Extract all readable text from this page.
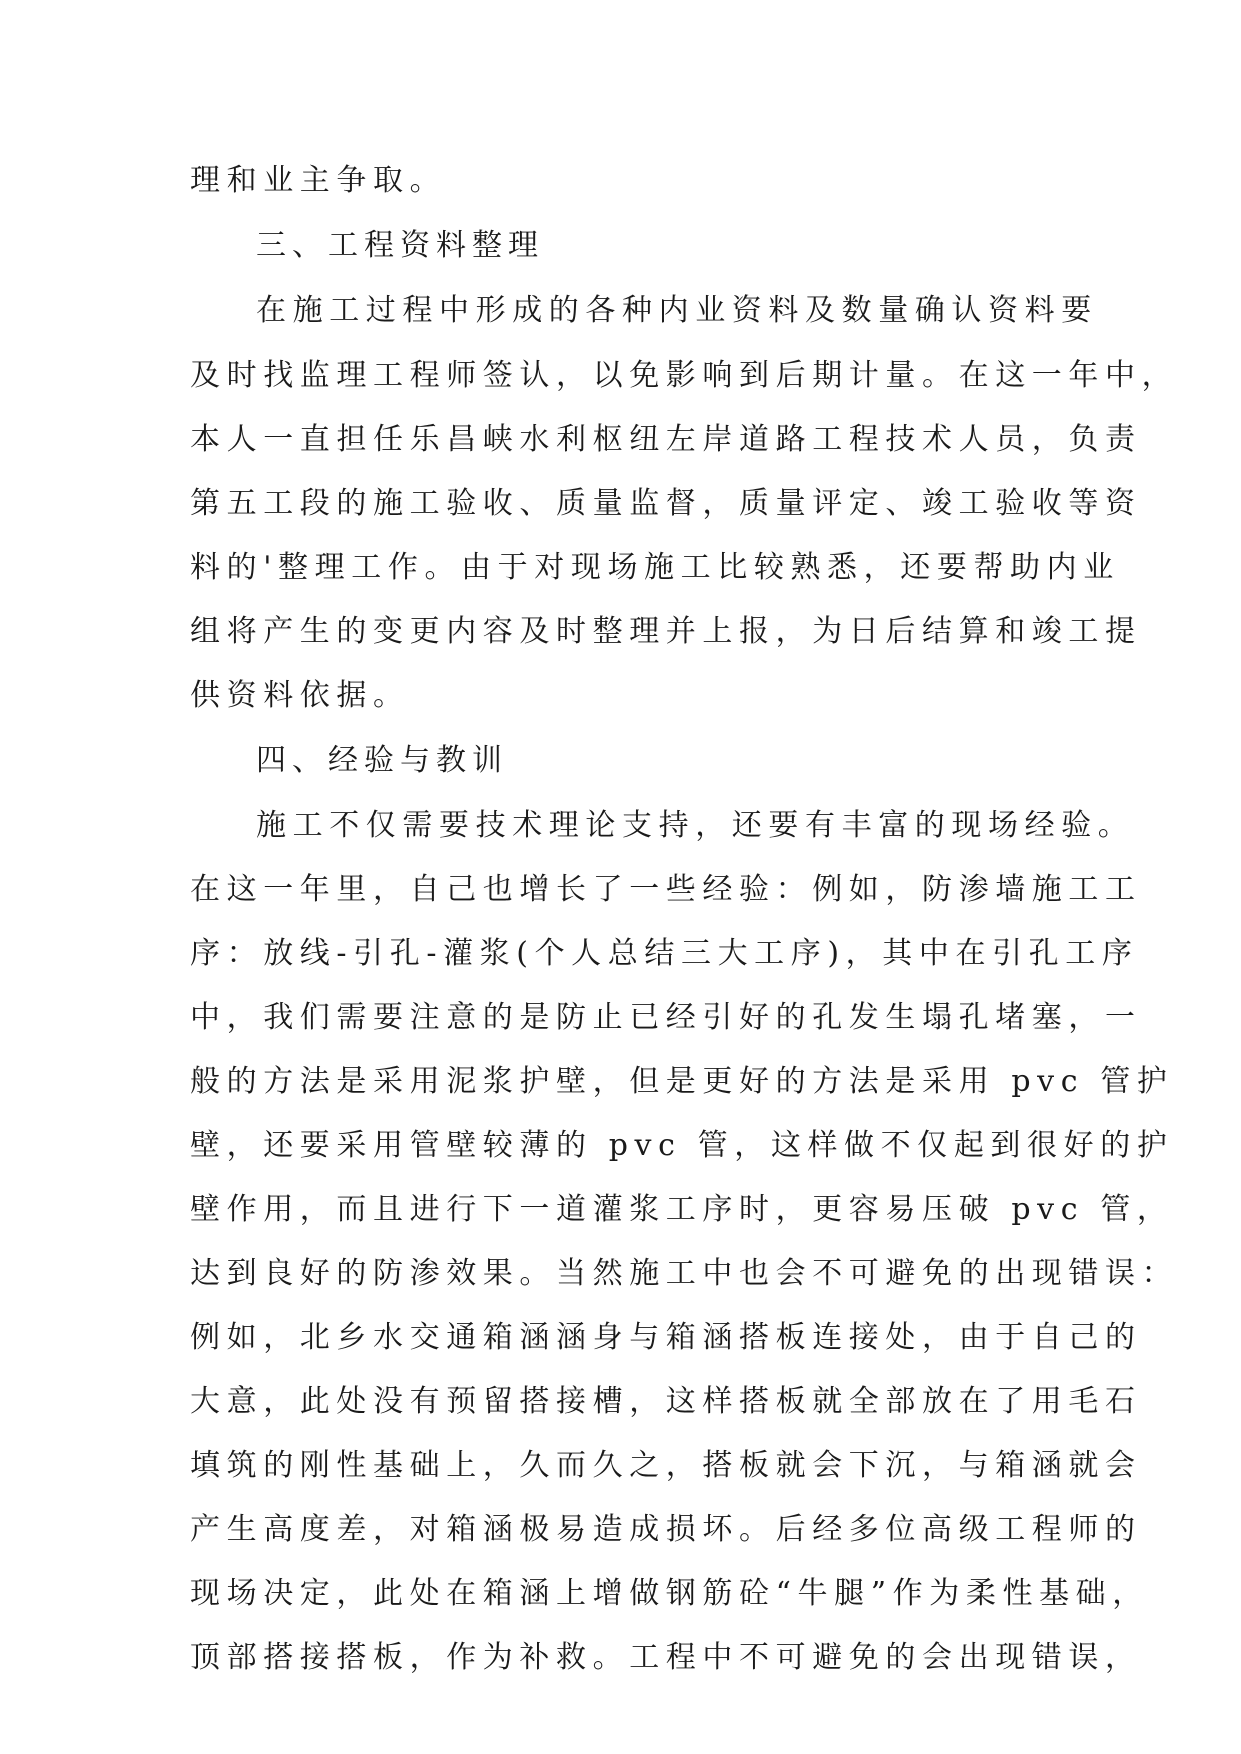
理和业主争取。
三、工程资料整理
在施工过程中形成的各种内业资料及数量确认资料要
及时找监理工程师签认，以免影响到后期计量。在这一年中，
本人一直担任乐昌峡水利枢纽左岸道路工程技术人员，负责
第五工段的施工验收、质量监督，质量评定、竣工验收等资
料的'整理工作。由于对现场施工比较熟悉，还要帮助内业
组将产生的变更内容及时整理并上报，为日后结算和竣工提
供资料依据。
四、经验与教训
施工不仅需要技术理论支持，还要有丰富的现场经验。
在这一年里，自己也增长了一些经验：例如，防渗墙施工工
序：放线-引孔-灌浆(个人总结三大工序)，其中在引孔工序
中，我们需要注意的是防止已经引好的孔发生塌孔堵塞，一
般的方法是采用泥浆护壁，但是更好的方法是采用 pvc 管护
壁，还要采用管壁较薄的 pvc 管，这样做不仅起到很好的护
壁作用，而且进行下一道灌浆工序时，更容易压破 pvc 管，
达到良好的防渗效果。当然施工中也会不可避免的出现错误：
例如，北乡水交通箱涵涵身与箱涵搭板连接处，由于自己的
大意，此处没有预留搭接槽，这样搭板就全部放在了用毛石
填筑的刚性基础上，久而久之，搭板就会下沉，与箱涵就会
产生高度差，对箱涵极易造成损坏。后经多位高级工程师的
现场决定，此处在箱涵上增做钢筋砼“牛腿”作为柔性基础，
顶部搭接搭板，作为补救。工程中不可避免的会出现错误，
